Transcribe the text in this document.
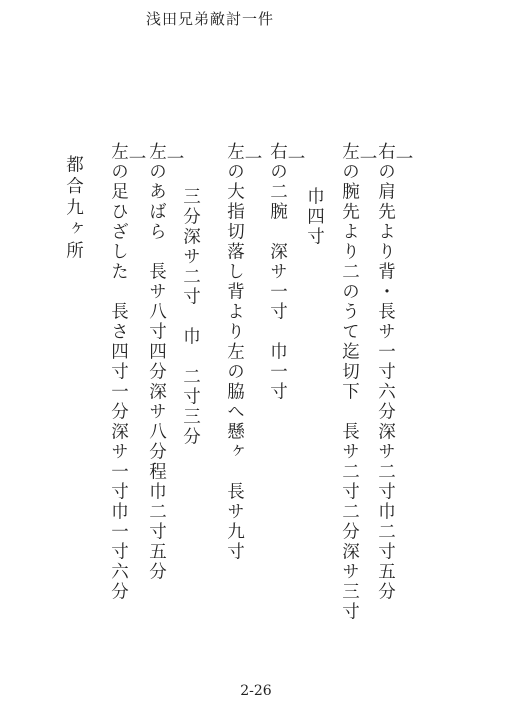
浅田兄弟敵討一件

一

右の肩先より背・長サ一寸六分深サ二寸巾二寸五分

一

左の腕先より二のうて迄切下　長サ二寸二分深サ三寸

巾四寸

一

右の二腕　深サ一寸　巾一寸

一

左の大指切落し背より左の脇へ懸ヶ　長サ九寸

三分深サ二寸　巾　二寸三分

一

左のあばら　長サ八寸四分深サ八分程巾二寸五分

一

左の足ひざした　長さ四寸一分深サ一寸巾一寸六分

都合九ヶ所
2-26
